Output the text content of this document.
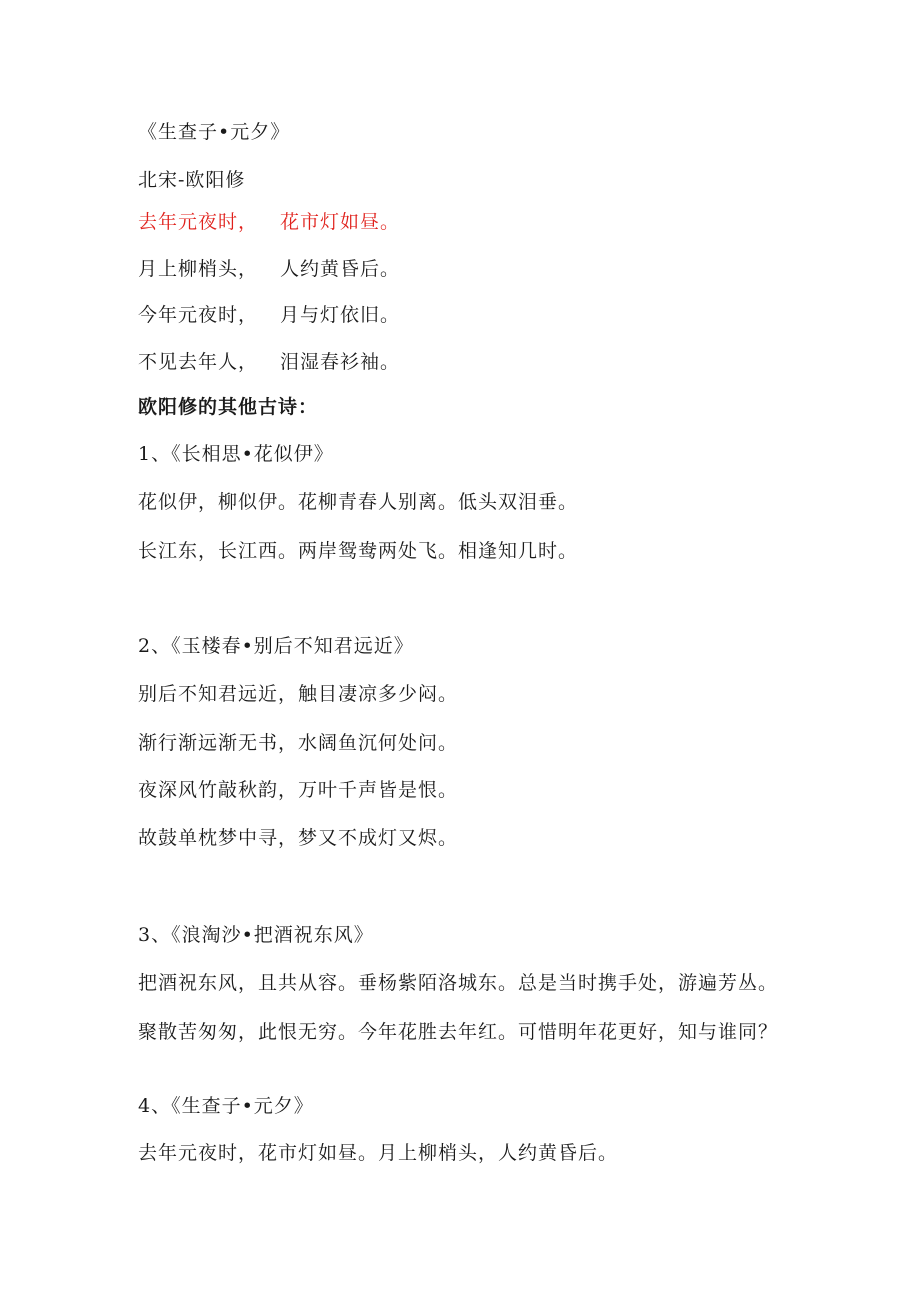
《生查子•元夕》
北宋-欧阳修
去年元夜时， 花市灯如昼。
月上柳梢头， 人约黄昏后。
今年元夜时， 月与灯依旧。
不见去年人， 泪湿春衫袖。
欧阳修的其他古诗：
1、《长相思•花似伊》
花似伊，柳似伊。花柳青春人别离。低头双泪垂。
长江东，长江西。两岸鸳鸯两处飞。相逢知几时。
2、《玉楼春•别后不知君远近》
别后不知君远近，触目凄凉多少闷。
渐行渐远渐无书，水阔鱼沉何处问。
夜深风竹敲秋韵，万叶千声皆是恨。
故鼓单枕梦中寻，梦又不成灯又烬。
3、《浪淘沙•把酒祝东风》
把酒祝东风，且共从容。垂杨紫陌洛城东。总是当时携手处，游遍芳丛。
聚散苦匆匆，此恨无穷。今年花胜去年红。可惜明年花更好，知与谁同？
4、《生查子•元夕》
去年元夜时，花市灯如昼。月上柳梢头，人约黄昏后。
